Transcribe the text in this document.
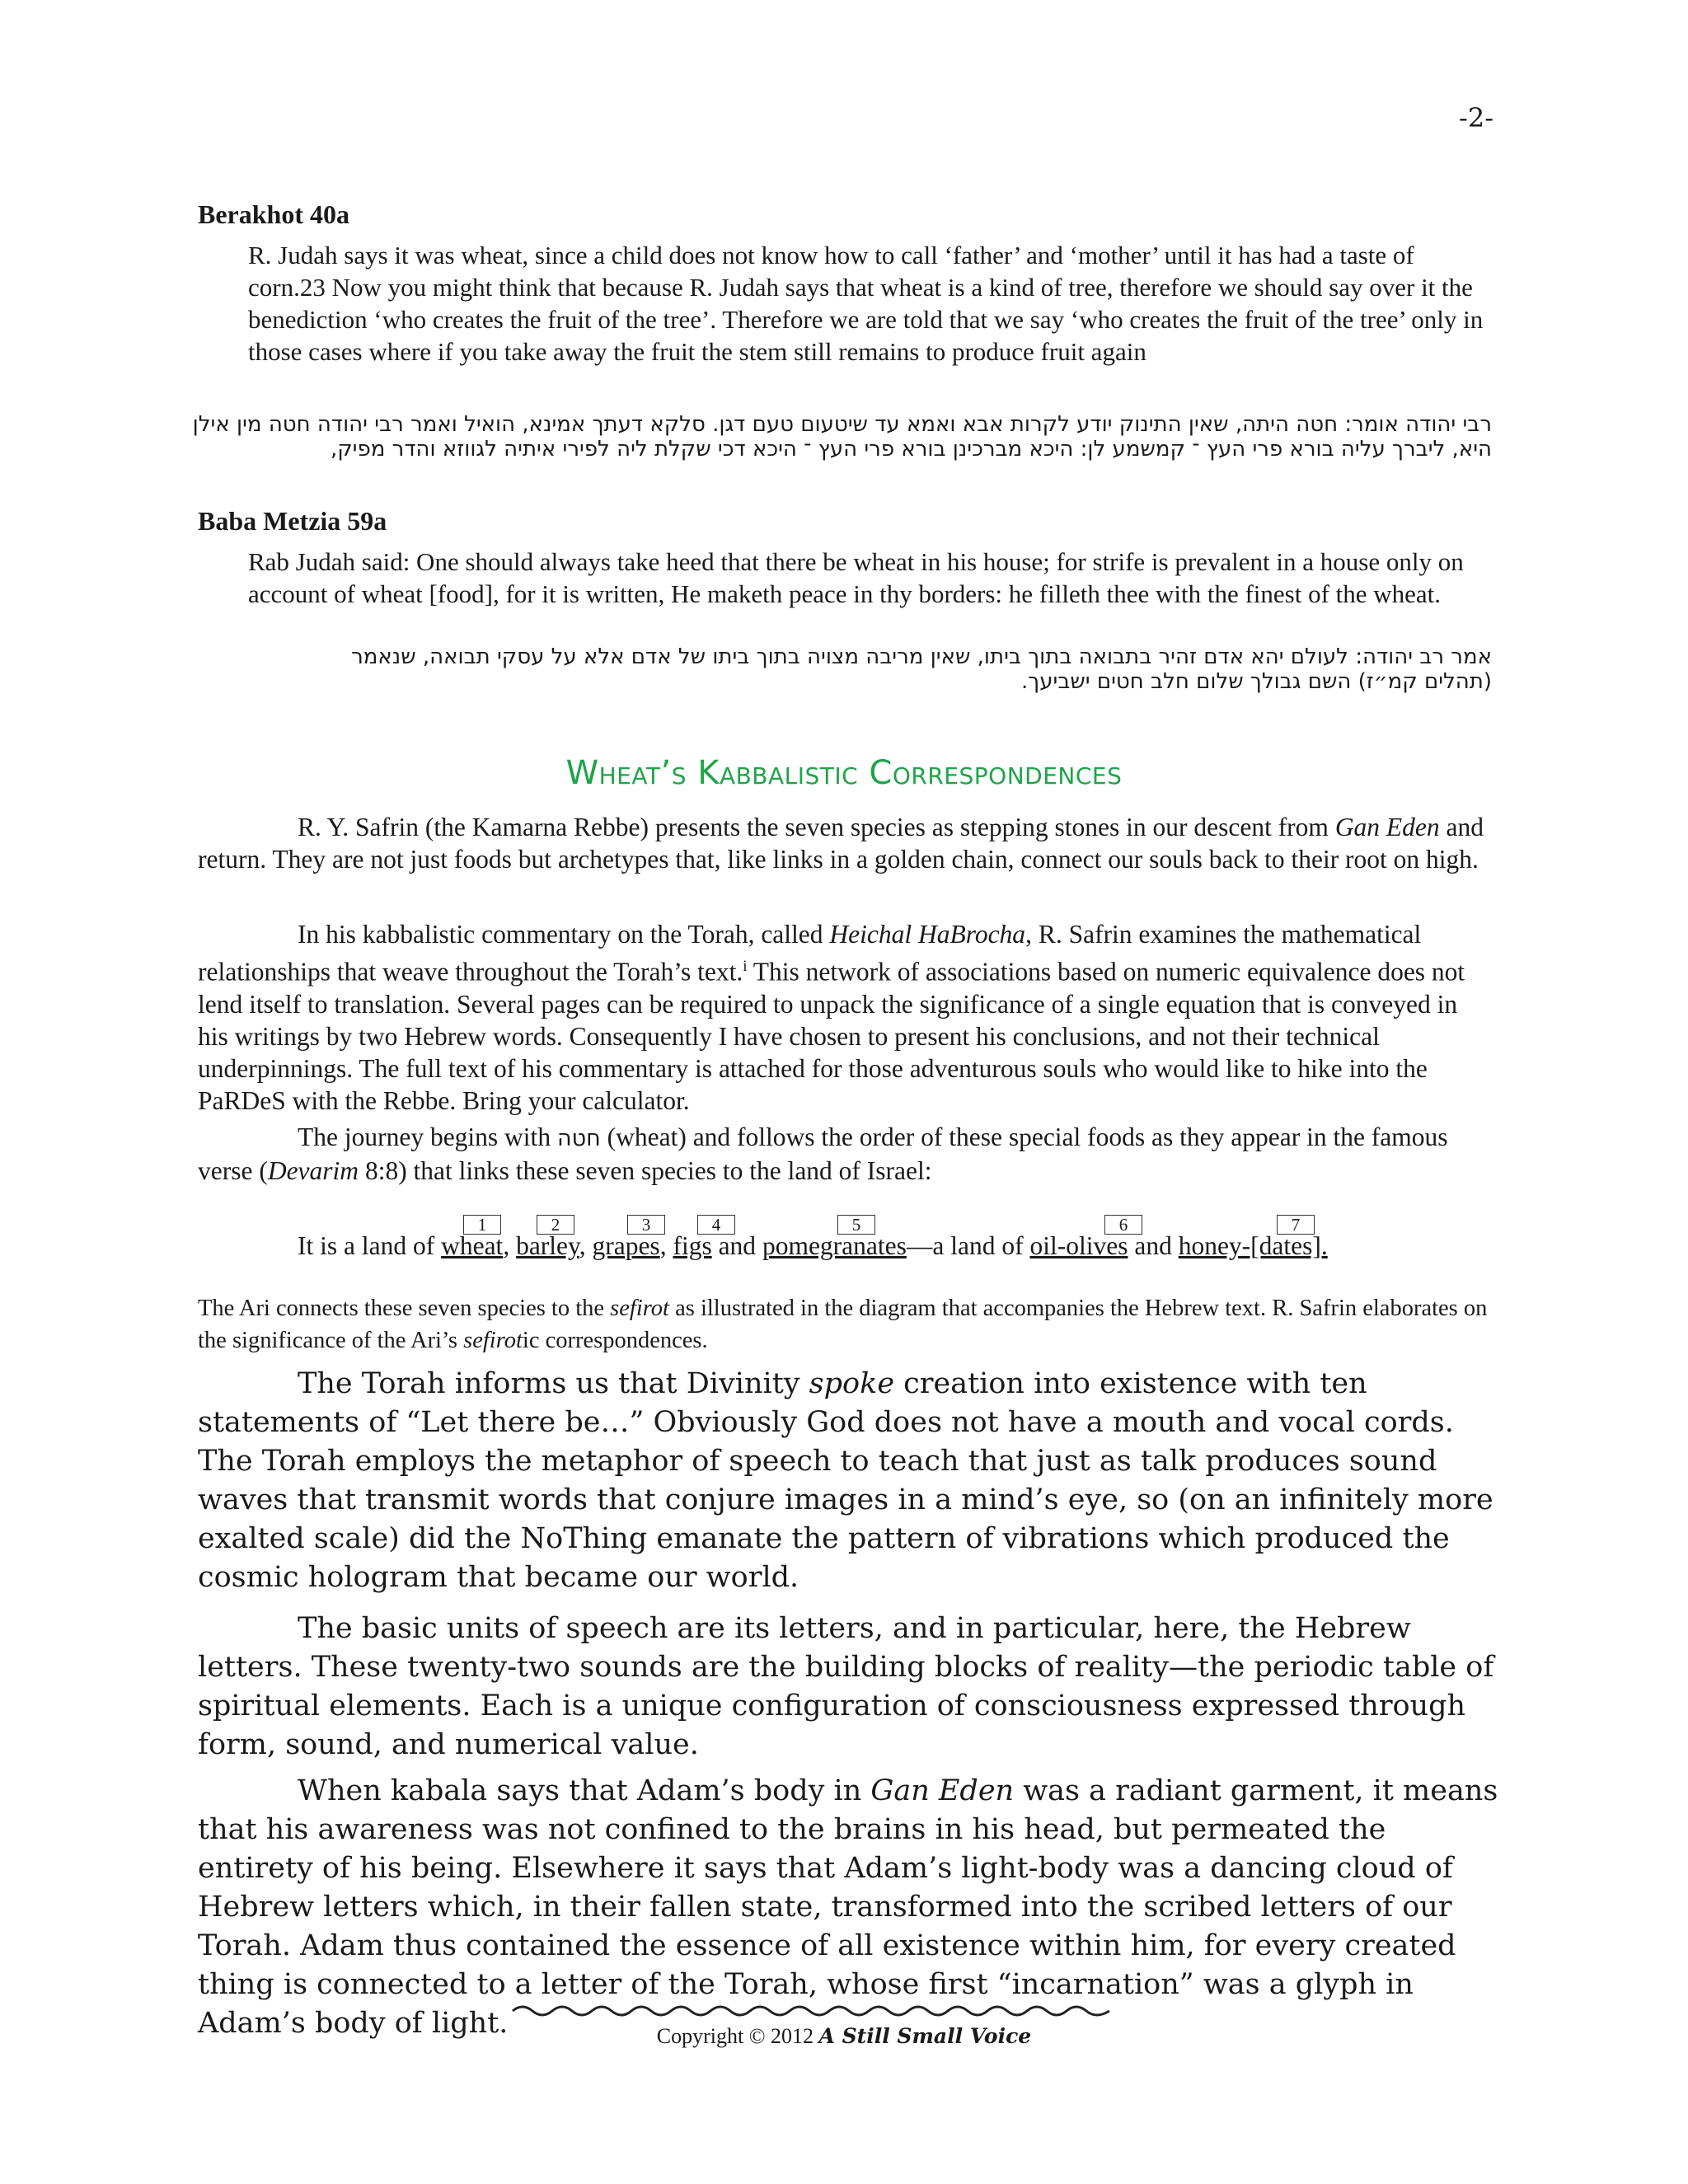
-2-
Berakhot 40a
R. Judah says it was wheat, since a child does not know how to call ‘father’ and ‘mother’ until it has had a taste of corn.23 Now you might think that because R. Judah says that wheat is a kind of tree, therefore we should say over it the benediction ‘who creates the fruit of the tree’. Therefore we are told that we say ‘who creates the fruit of the tree’ only in those cases where if you take away the fruit the stem still remains to produce fruit again
רבי יהודה אומר: חטה היתה, שאין התינוק יודע לקרות אבא ואמא עד שיטעום טעם דגן. סלקא דעתך אמינא, הואיל ואמר רבי יהודה חטה מין אילן היא, ליברך עליה בורא פרי העץ ־ קמשמע לן: היכא מברכינן בורא פרי העץ ־ היכא דכי שקלת ליה לפירי איתיה לגווזא והדר מפיק,
Baba Metzia 59a
Rab Judah said: One should always take heed that there be wheat in his house; for strife is prevalent in a house only on account of wheat [food], for it is written, He maketh peace in thy borders: he filleth thee with the finest of the wheat.
אמר רב יהודה: לעולם יהא אדם זהיר בתבואה בתוך ביתו, שאין מריבה מצויה בתוך ביתו של אדם אלא על עסקי תבואה, שנאמר (תהלים קמ״ז) השם גבולך שלום חלב חטים ישביעך.
Wheat’s Kabbalistic Correspondences
R. Y. Safrin (the Kamarna Rebbe) presents the seven species as stepping stones in our descent from Gan Eden and return. They are not just foods but archetypes that, like links in a golden chain, connect our souls back to their root on high.
In his kabbalistic commentary on the Torah, called Heichal HaBrocha, R. Safrin examines the mathematical relationships that weave throughout the Torah’s text.$^i$ This network of associations based on numeric equivalence does not lend itself to translation. Several pages can be required to unpack the significance of a single equation that is conveyed in his writings by two Hebrew words. Consequently I have chosen to present his conclusions, and not their technical underpinnings. The full text of his commentary is attached for those adventurous souls who would like to hike into the PaRDeS with the Rebbe. Bring your calculator.
The journey begins with חטה (wheat) and follows the order of these special foods as they appear in the famous verse (Devarim 8:8) that links these seven species to the land of Israel:
1	2	3	4	5	6	7
It is a land of wheat, barley, grapes, figs and pomegranates—a land of oil-olives and honey-[dates].
The Ari connects these seven species to the sefirot as illustrated in the diagram that accompanies the Hebrew text. R. Safrin elaborates on the significance of the Ari’s sefirotic correspondences.
The Torah informs us that Divinity spoke creation into existence with ten statements of “Let there be…” Obviously God does not have a mouth and vocal cords. The Torah employs the metaphor of speech to teach that just as talk produces sound waves that transmit words that conjure images in a mind’s eye, so (on an infinitely more exalted scale) did the NoThing emanate the pattern of vibrations which produced the cosmic hologram that became our world.
The basic units of speech are its letters, and in particular, here, the Hebrew letters. These twenty-two sounds are the building blocks of reality—the periodic table of spiritual elements. Each is a unique configuration of consciousness expressed through form, sound, and numerical value.
When kabala says that Adam’s body in Gan Eden was a radiant garment, it means that his awareness was not confined to the brains in his head, but permeated the entirety of his being. Elsewhere it says that Adam’s light-body was a dancing cloud of Hebrew letters which, in their fallen state, transformed into the scribed letters of our Torah. Adam thus contained the essence of all existence within him, for every created thing is connected to a letter of the Torah, whose first “incarnation” was a glyph in Adam’s body of light.	Copyright © 2012 A Still Small Voice
